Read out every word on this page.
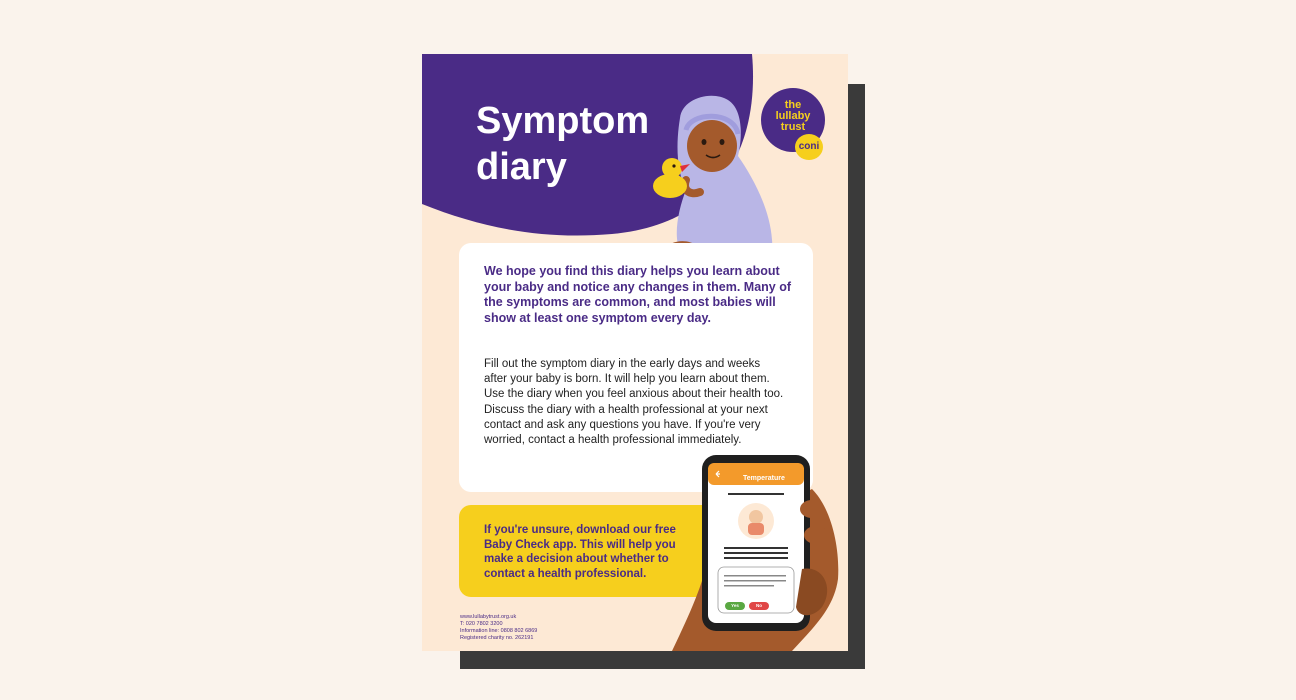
Symptom
diary
the
lullaby
trust
coni

We hope you find this diary helps you learn about your baby and notice any changes in them. Many of the symptoms are common, and most babies will show at least one symptom every day.

Fill out the symptom diary in the early days and weeks after your baby is born. It will help you learn about them. Use the diary when you feel anxious about their health too. Discuss the diary with a health professional at your next contact and ask any questions you have. If you're very worried, contact a health professional immediately.

If you're unsure, download our free Baby Check app. This will help you make a decision about whether to contact a health professional.

www.lullabytrust.org.uk
T: 020 7802 3200
Information line: 0808 802 6869
Registered charity no. 262191
Temperature
Yes	No
